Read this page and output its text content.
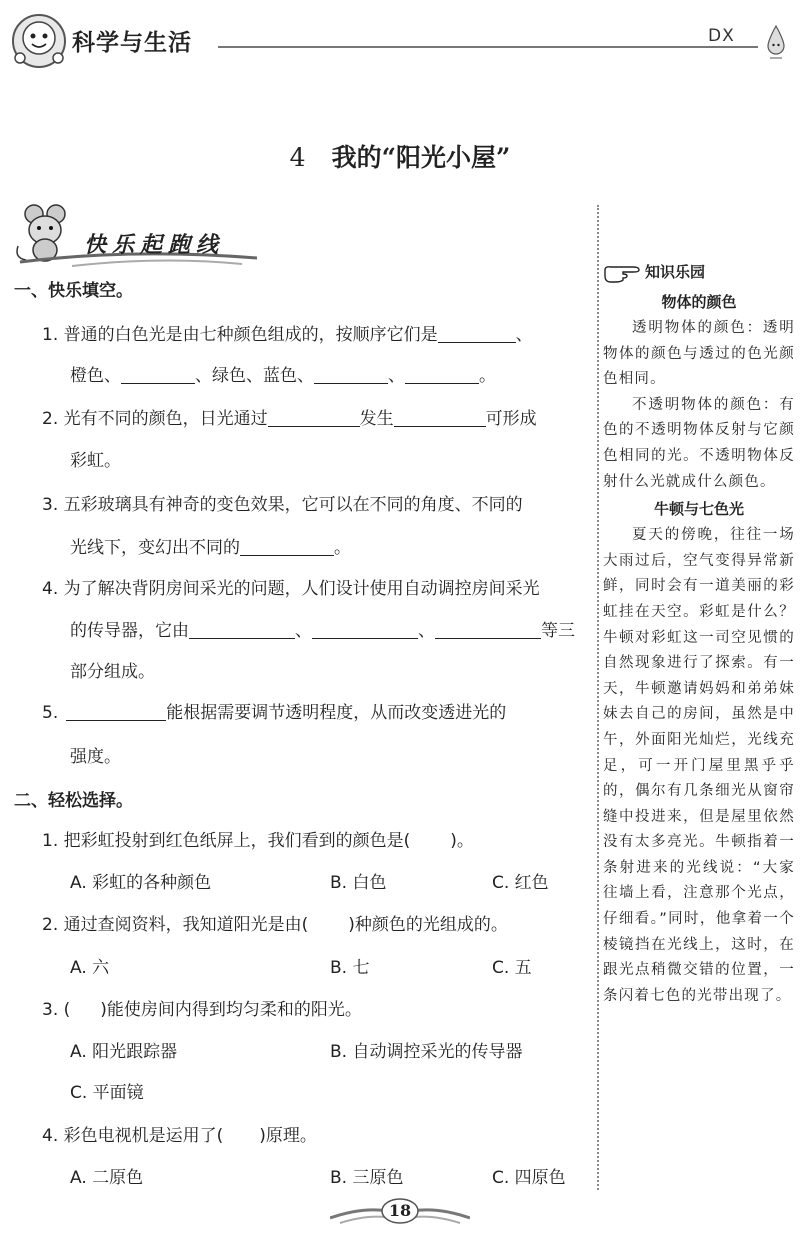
科学与生活	DX
4 我的“阳光小屋”
快乐起跑线
一、快乐填空。
1. 普通的白色光是由七种颜色组成的，按顺序它们是	、
橙色、	、绿色、蓝色、	、	。
2. 光有不同的颜色，日光通过	发生	可形成
彩虹。
3. 五彩玻璃具有神奇的变色效果，它可以在不同的角度、不同的
光线下，变幻出不同的	。
4. 为了解决背阴房间采光的问题，人们设计使用自动调控房间采光
的传导器，它由	、	、	等三
部分组成。
5.	能根据需要调节透明程度，从而改变透进光的
强度。
二、轻松选择。
1. 把彩虹投射到红色纸屏上，我们看到的颜色是( )。
A. 彩虹的各种颜色	B. 白色	C. 红色
2. 通过查阅资料，我知道阳光是由( )种颜色的光组成的。
A. 六	B. 七	C. 五
3. ( )能使房间内得到均匀柔和的阳光。
A. 阳光跟踪器	B. 自动调控采光的传导器
C. 平面镜
4. 彩色电视机是运用了( )原理。
A. 二原色	B. 三原色	C. 四原色
知识乐园
物体的颜色
透明物体的颜色：透明物体的颜色与透过的色光颜色相同。
不透明物体的颜色：有色的不透明物体反射与它颜色相同的光。不透明物体反射什么光就成什么颜色。
牛顿与七色光
夏天的傍晚，往往一场大雨过后，空气变得异常新鲜，同时会有一道美丽的彩虹挂在天空。彩虹是什么？牛顿对彩虹这一司空见惯的自然现象进行了探索。有一天，牛顿邀请妈妈和弟弟妹妹去自己的房间，虽然是中午，外面阳光灿烂，光线充足，可一开门屋里黑乎乎的，偶尔有几条细光从窗帘缝中投进来，但是屋里依然没有太多亮光。牛顿指着一条射进来的光线说：“大家往墙上看，注意那个光点，仔细看。”同时，他拿着一个棱镜挡在光线上，这时，在跟光点稍微交错的位置，一条闪着七色的光带出现了。
18
